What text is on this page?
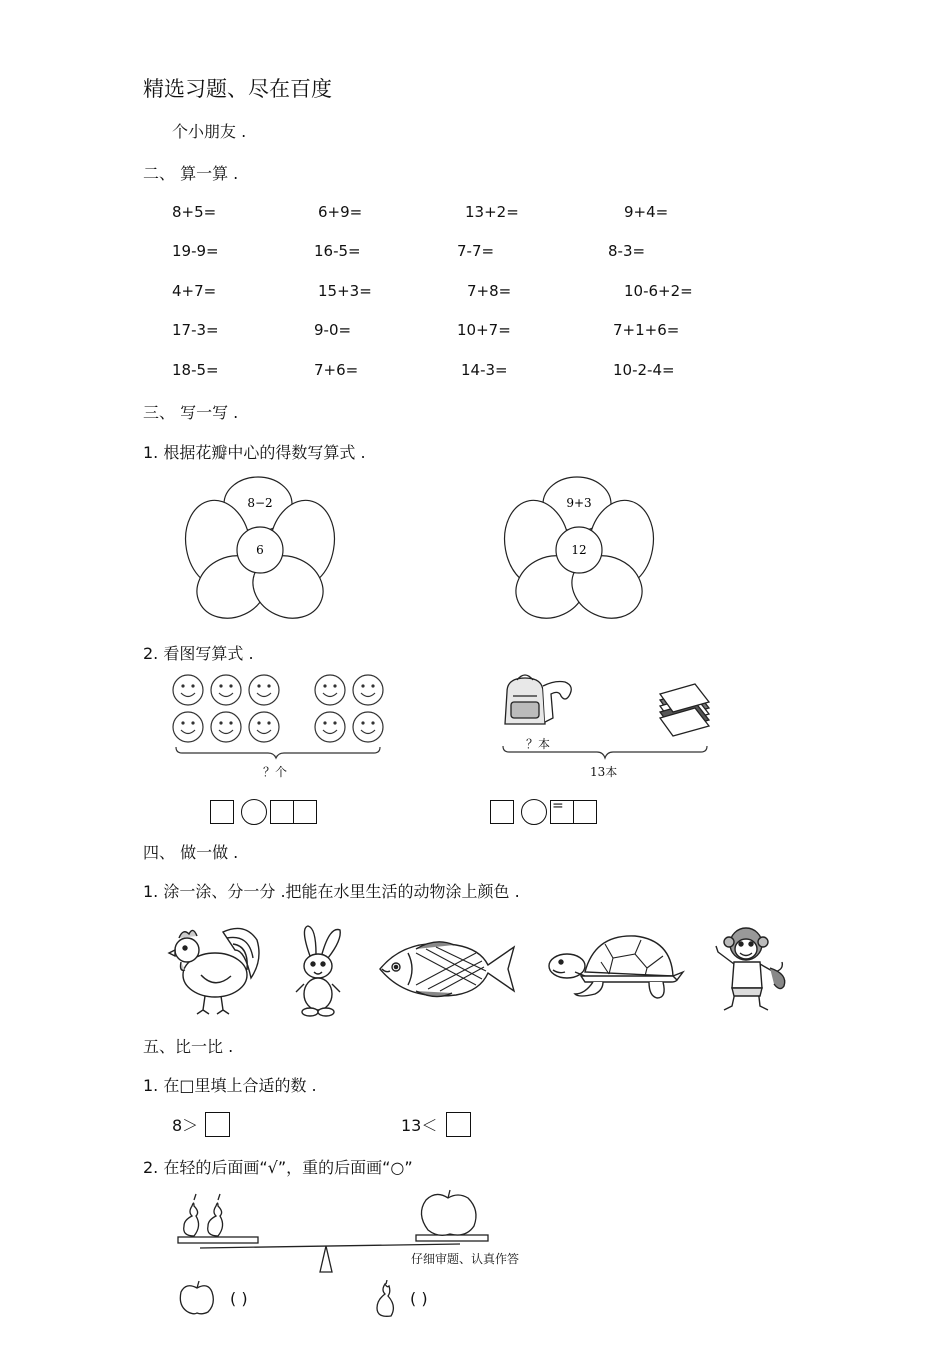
精选习题、尽在百度
个小朋友 .
二、 算一算 .
8+5=	6+9=	13+2=	9+4=
19-9=	16-5=	7-7=	8-3=
4+7=	15+3=	7+8=	10-6+2=
17-3=	9-0=	10+7=	7+1+6=
18-5=	7+6=	14-3=	10-2-4=
三、 写一写 .
1. 根据花瓣中心的得数写算式 .
8−2
6
9+3
12
2. 看图写算式 .
？个
？本
13本
=
四、 做一做 .
1. 涂一涂、分一分 .把能在水里生活的动物涂上颜色 .
五、比一比 .
1. 在□里填上合适的数 .
8＞	13＜
2. 在轻的后面画“√”，重的后面画“○”
仔细审题、认真作答
( )	( )
